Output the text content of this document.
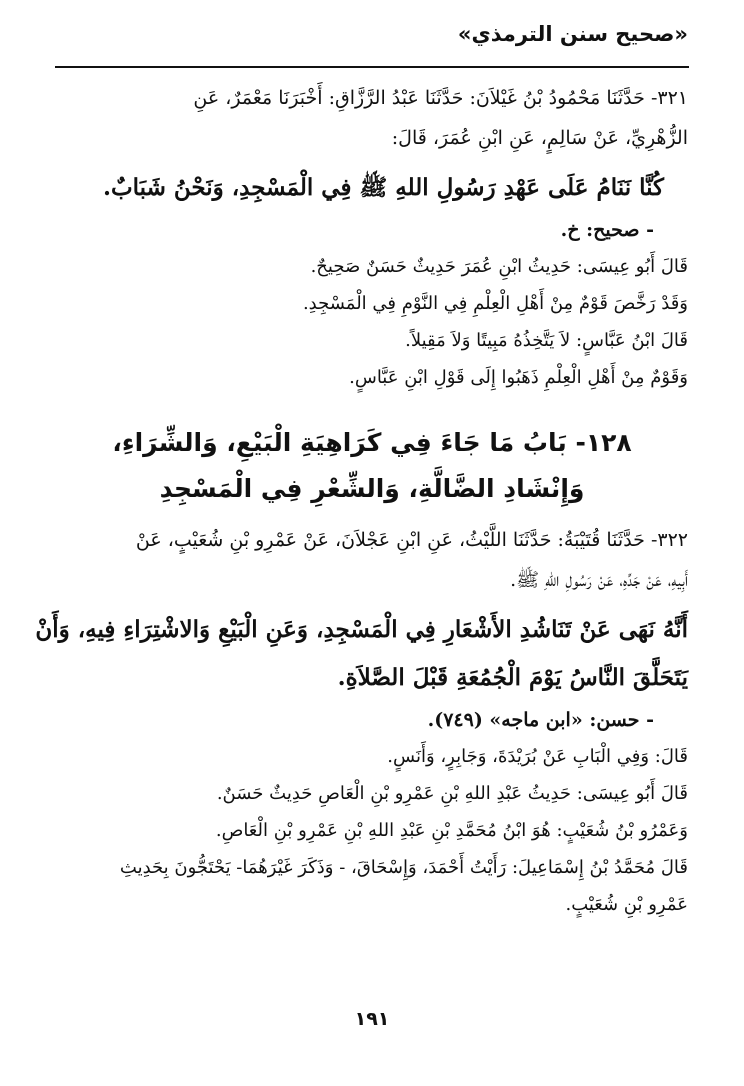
«صحيح سنن الترمذي»

٣٢١- حَدَّثَنَا مَحْمُودُ بْنُ غَيْلاَنَ: حَدَّثَنَا عَبْدُ الرَّزَّاقِ: أَخْبَرَنَا مَعْمَرٌ، عَنِ

الزُّهْرِيِّ، عَنْ سَالِمٍ، عَنِ ابْنِ عُمَرَ، قَالَ:

كُنَّا نَنَامُ عَلَى عَهْدِ رَسُولِ اللهِ ﷺ فِي الْمَسْجِدِ، وَنَحْنُ شَبَابٌ.

- صحيح: خ.

قَالَ أَبُو عِيسَى: حَدِيثُ ابْنِ عُمَرَ حَدِيثٌ حَسَنٌ صَحِيحٌ.

وَقَدْ رَخَّصَ قَوْمٌ مِنْ أَهْلِ الْعِلْمِ فِي النَّوْمِ فِي الْمَسْجِدِ.

قَالَ ابْنُ عَبَّاسٍ: لاَ يَتَّخِذُهُ مَبِيتًا وَلاَ مَقِيلاً.

وَقَوْمٌ مِنْ أَهْلِ الْعِلْمِ ذَهَبُوا إِلَى قَوْلِ ابْنِ عَبَّاسٍ.

١٢٨- بَابُ مَا جَاءَ فِي كَرَاهِيَةِ الْبَيْعِ، وَالشِّرَاءِ،
وَإِنْشَادِ الضَّالَّةِ، وَالشِّعْرِ فِي الْمَسْجِدِ

٣٢٢- حَدَّثَنَا قُتَيْبَةُ: حَدَّثَنَا اللَّيْثُ، عَنِ ابْنِ عَجْلاَنَ، عَنْ عَمْرِو بْنِ شُعَيْبٍ، عَنْ

أَبِيهِ، عَنْ جَدِّهِ، عَنْ رَسُولِ اللهِ ﷺ.

أَنَّهُ نَهَى عَنْ تَنَاشُدِ الأَشْعَارِ فِي الْمَسْجِدِ، وَعَنِ الْبَيْعِ وَالاشْتِرَاءِ فِيهِ، وَأَنْ

يَتَحَلَّقَ النَّاسُ يَوْمَ الْجُمُعَةِ قَبْلَ الصَّلاَةِ.

- حسن: «ابن ماجه» (٧٤٩).

قَالَ: وَفِي الْبَابِ عَنْ بُرَيْدَةَ، وَجَابِرٍ، وَأَنَسٍ.

قَالَ أَبُو عِيسَى: حَدِيثُ عَبْدِ اللهِ بْنِ عَمْرِو بْنِ الْعَاصِ حَدِيثٌ حَسَنٌ.

وَعَمْرُو بْنُ شُعَيْبٍ: هُوَ ابْنُ مُحَمَّدِ بْنِ عَبْدِ اللهِ بْنِ عَمْرِو بْنِ الْعَاصِ.

قَالَ مُحَمَّدُ بْنُ إِسْمَاعِيلَ: رَأَيْتُ أَحْمَدَ، وَإِسْحَاقَ، - وَذَكَرَ غَيْرَهُمَا- يَحْتَجُّونَ بِحَدِيثِ

عَمْرِو بْنِ شُعَيْبٍ.

١٩١
